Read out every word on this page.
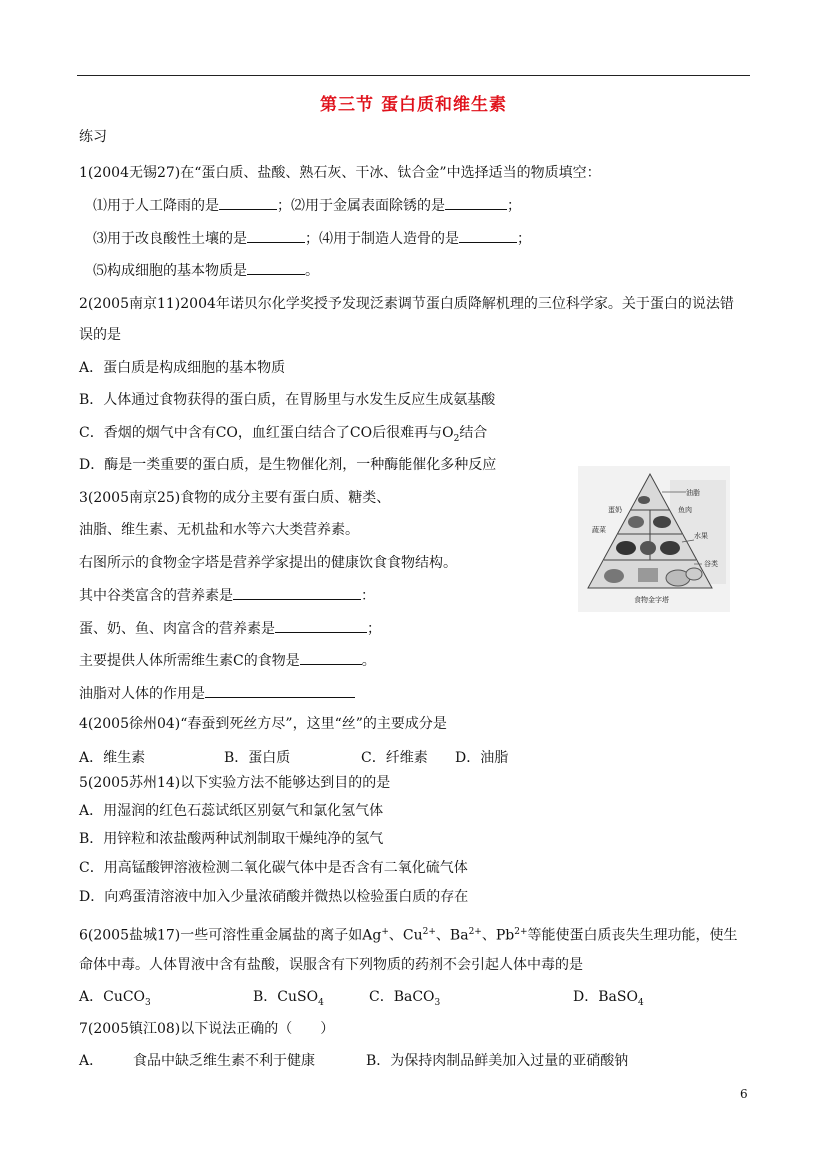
第三节 蛋白质和维生素
练习
1(2004无锡27)在“蛋白质、盐酸、熟石灰、干冰、钛合金”中选择适当的物质填空：
⑴用于人工降雨的是	；⑵用于金属表面除锈的是	；
⑶用于改良酸性土壤的是	；⑷用于制造人造骨的是	；
⑸构成细胞的基本物质是	。
2(2005南京11)2004年诺贝尔化学奖授予发现泛素调节蛋白质降解机理的三位科学家。关于蛋白的说法错
误的是
A．蛋白质是构成细胞的基本物质
B．人体通过食物获得的蛋白质，在胃肠里与水发生反应生成氨基酸
C．香烟的烟气中含有CO，血红蛋白结合了CO后很难再与$O_2$结合
D．酶是一类重要的蛋白质，是生物催化剂，一种酶能催化多种反应
3(2005南京25)食物的成分主要有蛋白质、糖类、
油脂、维生素、无机盐和水等六大类营养素。
右图所示的食物金字塔是营养学家提出的健康饮食食物结构。
其中谷类富含的营养素是	：
蛋、奶、鱼、肉富含的营养素是	；
主要提供人体所需维生素C的食物是	。
油脂对人体的作用是
油脂
蛋奶	鱼肉
蔬菜
水果
谷类
食物金字塔
4(2005徐州04)“春蚕到死丝方尽”，这里“丝”的主要成分是
A．维生素	B．蛋白质	C．纤维素 D．油脂
5(2005苏州14)以下实验方法不能够达到目的的是
A．用湿润的红色石蕊试纸区别氨气和氯化氢气体
B．用锌粒和浓盐酸两种试剂制取干燥纯净的氢气
C．用高锰酸钾溶液检测二氧化碳气体中是否含有二氧化硫气体
D．向鸡蛋清溶液中加入少量浓硝酸并微热以检验蛋白质的存在
6(2005盐城17)一些可溶性重金属盐的离子如Ag+、$Cu^{2+}$、$Ba^{2+}$、$Pb^{2+}$等能使蛋白质丧失生理功能，使生
命体中毒。人体胃液中含有盐酸，误服含有下列物质的药剂不会引起人体中毒的是
A．CuCO$_3$	B．CuSO$_4$	C．BaCO$_3$	D．BaSO$_4$
7(2005镇江08)以下说法正确的（　　）
A． 食品中缺乏维生素不利于健康	B．为保持肉制品鲜美加入过量的亚硝酸钠
6
